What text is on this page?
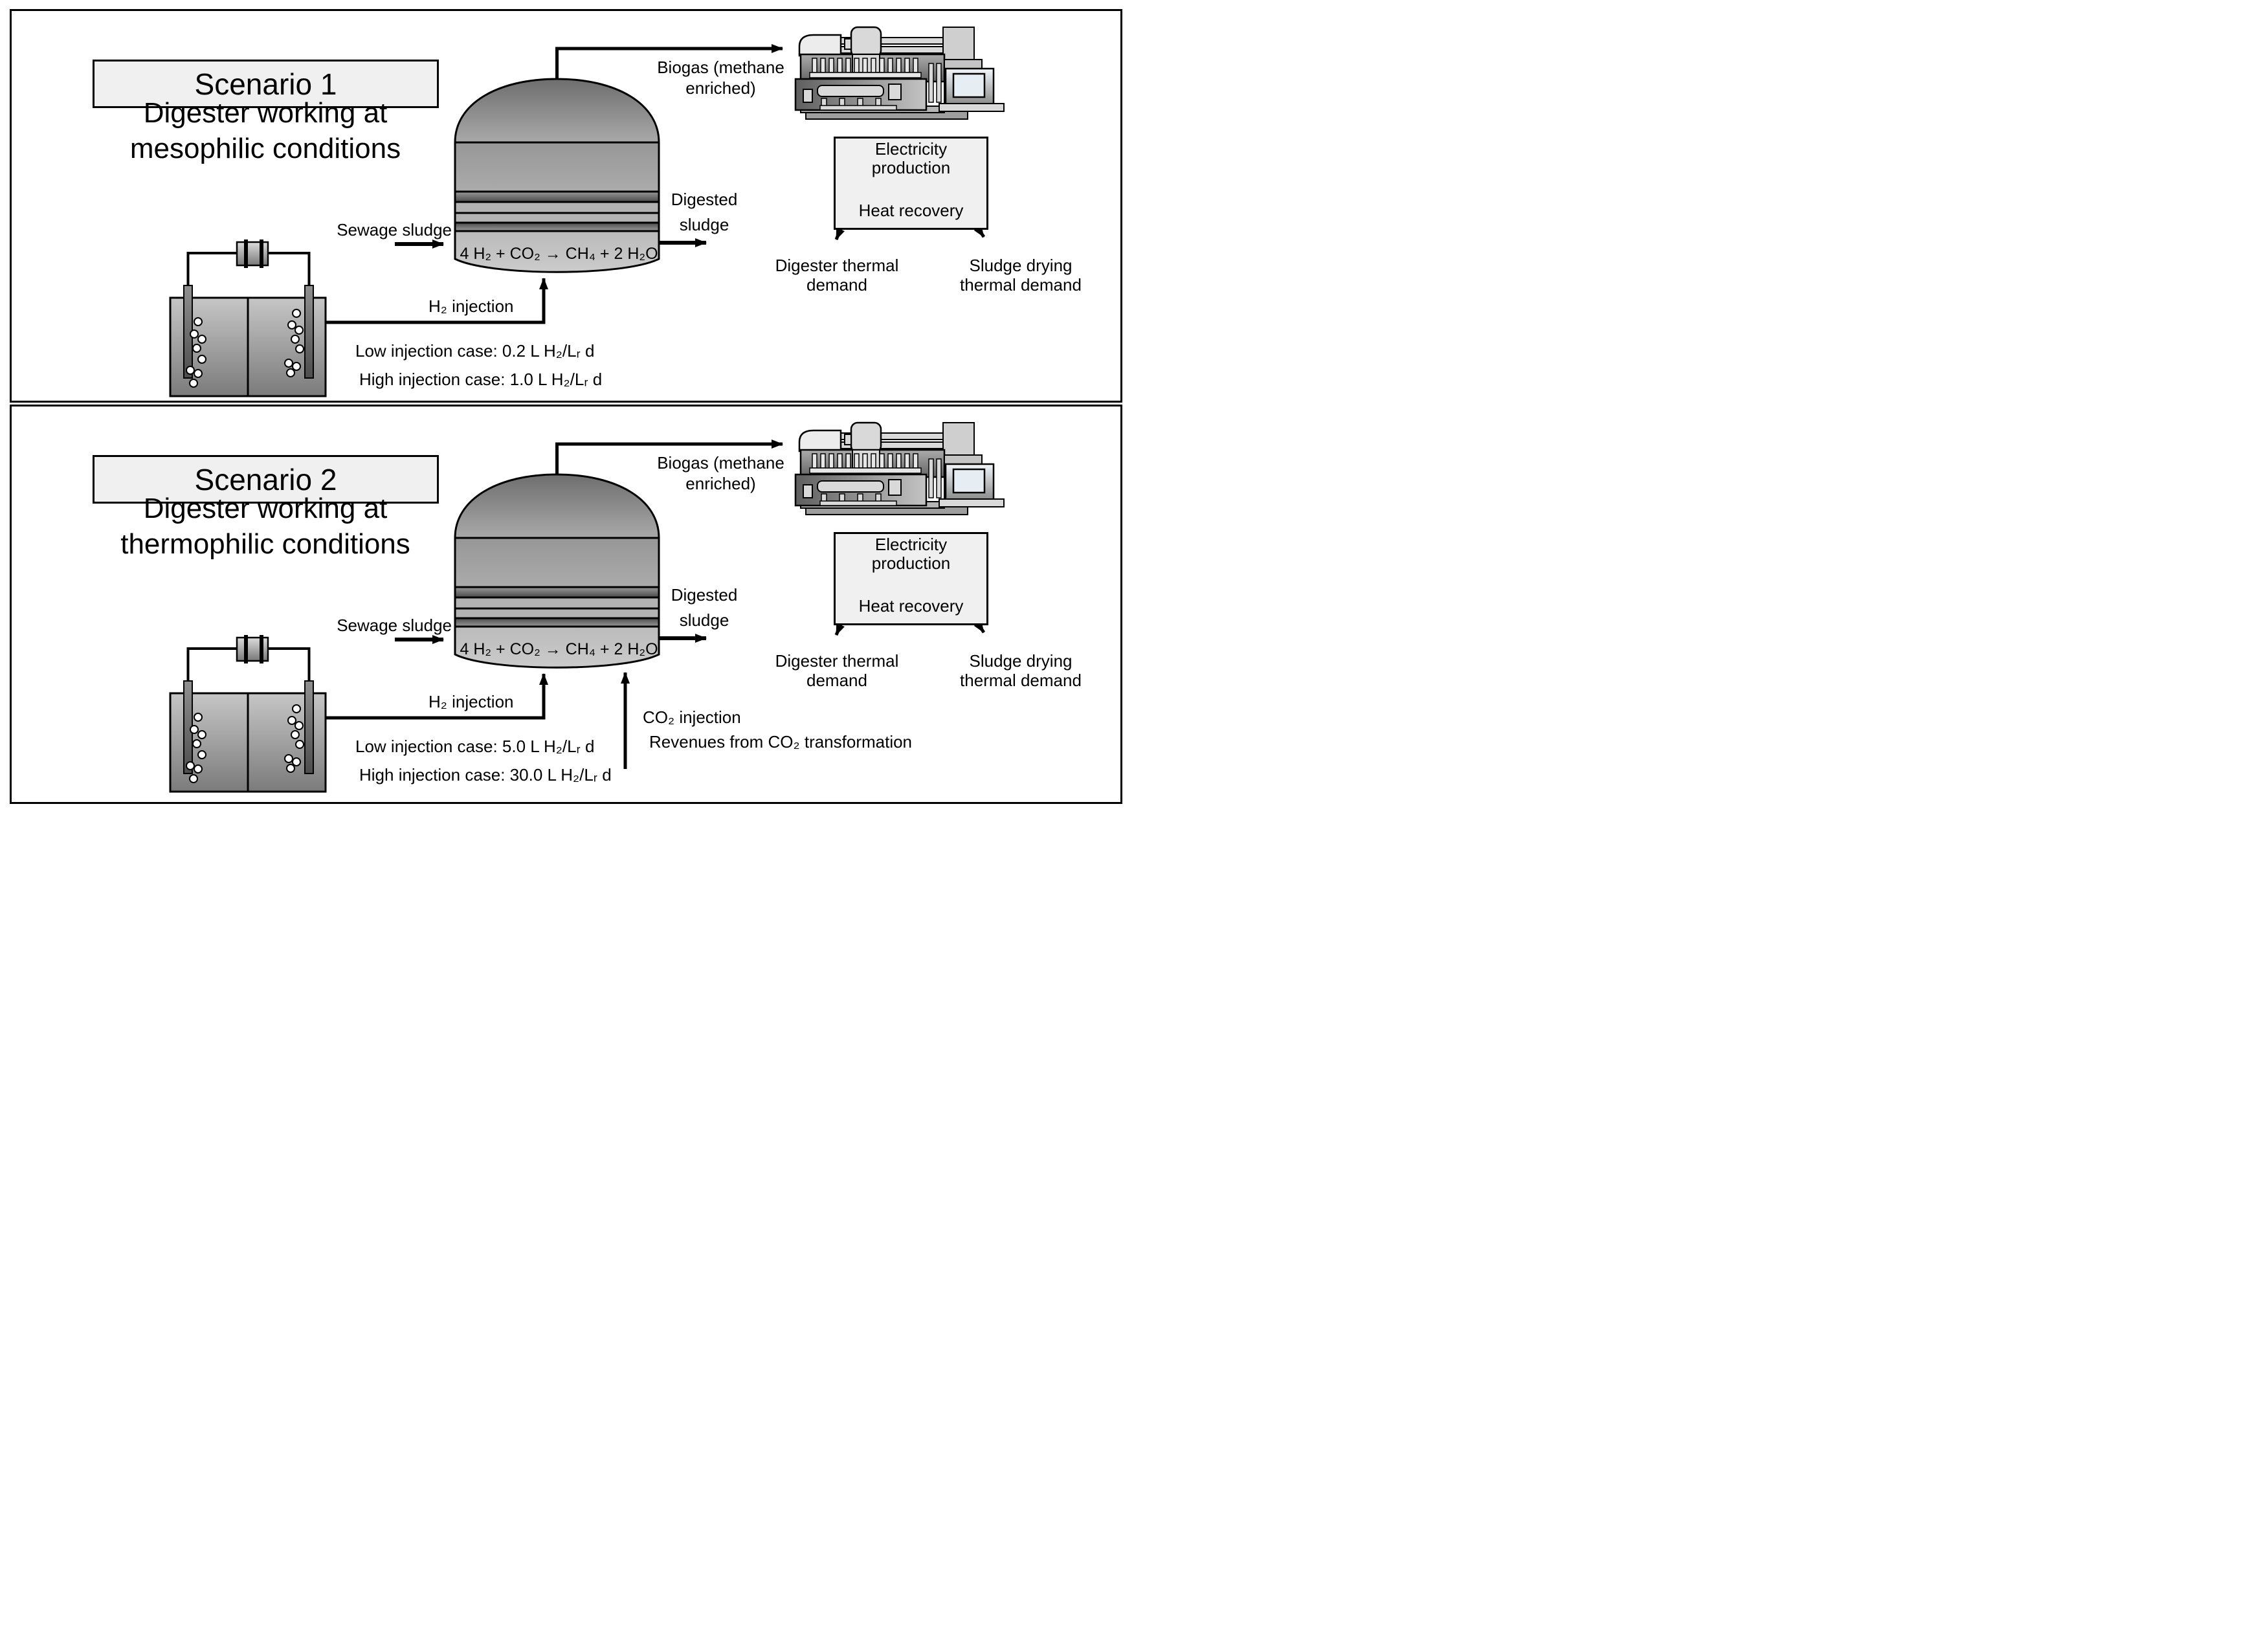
Scenario 1
Digester working at
mesophilic conditions
Sewage sludge
Digested
sludge
4 H₂ + CO₂ → CH₄ + 2 H₂O
Biogas (methane
enriched)
H₂ injection
Low injection case: 0.2 L H₂/Lᵣ d
High injection case: 1.0 L H₂/Lᵣ d
Electricity
production
Heat recovery
Digester thermal
demand
Sludge drying
thermal demand
Scenario 2
Digester working at
thermophilic conditions
Sewage sludge
Digested
sludge
4 H₂ + CO₂ → CH₄ + 2 H₂O
Biogas (methane
enriched)
H₂ injection
Low injection case: 5.0 L H₂/Lᵣ d
High injection case: 30.0 L H₂/Lᵣ d
CO₂ injection
Revenues from CO₂ transformation
Electricity
production
Heat recovery
Digester thermal
demand
Sludge drying
thermal demand
